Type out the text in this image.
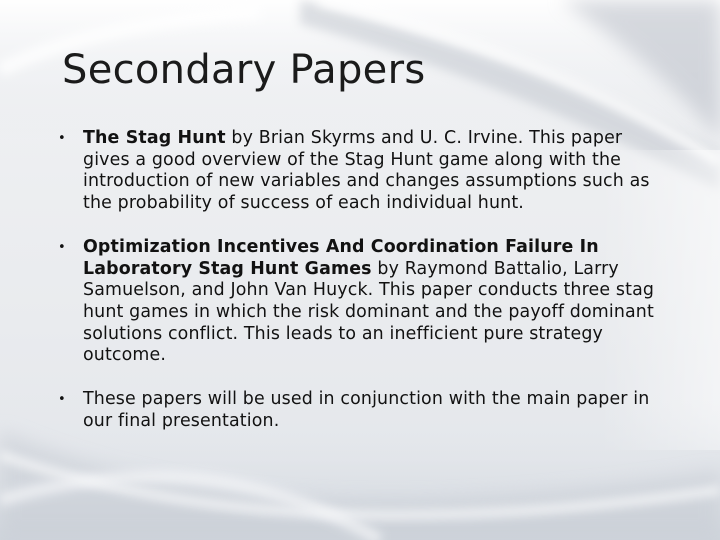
Secondary Papers
• The Stag Hunt by Brian Skyrms and U. C. Irvine. This paper gives a good overview of the Stag Hunt game along with the introduction of new variables and changes assumptions such as the probability of success of each individual hunt.
• Optimization Incentives And Coordination Failure In Laboratory Stag Hunt Games by Raymond Battalio, Larry Samuelson, and John Van Huyck. This paper conducts three stag hunt games in which the risk dominant and the payoff dominant solutions conflict. This leads to an inefficient pure strategy outcome.
• These papers will be used in conjunction with the main paper in our final presentation.
